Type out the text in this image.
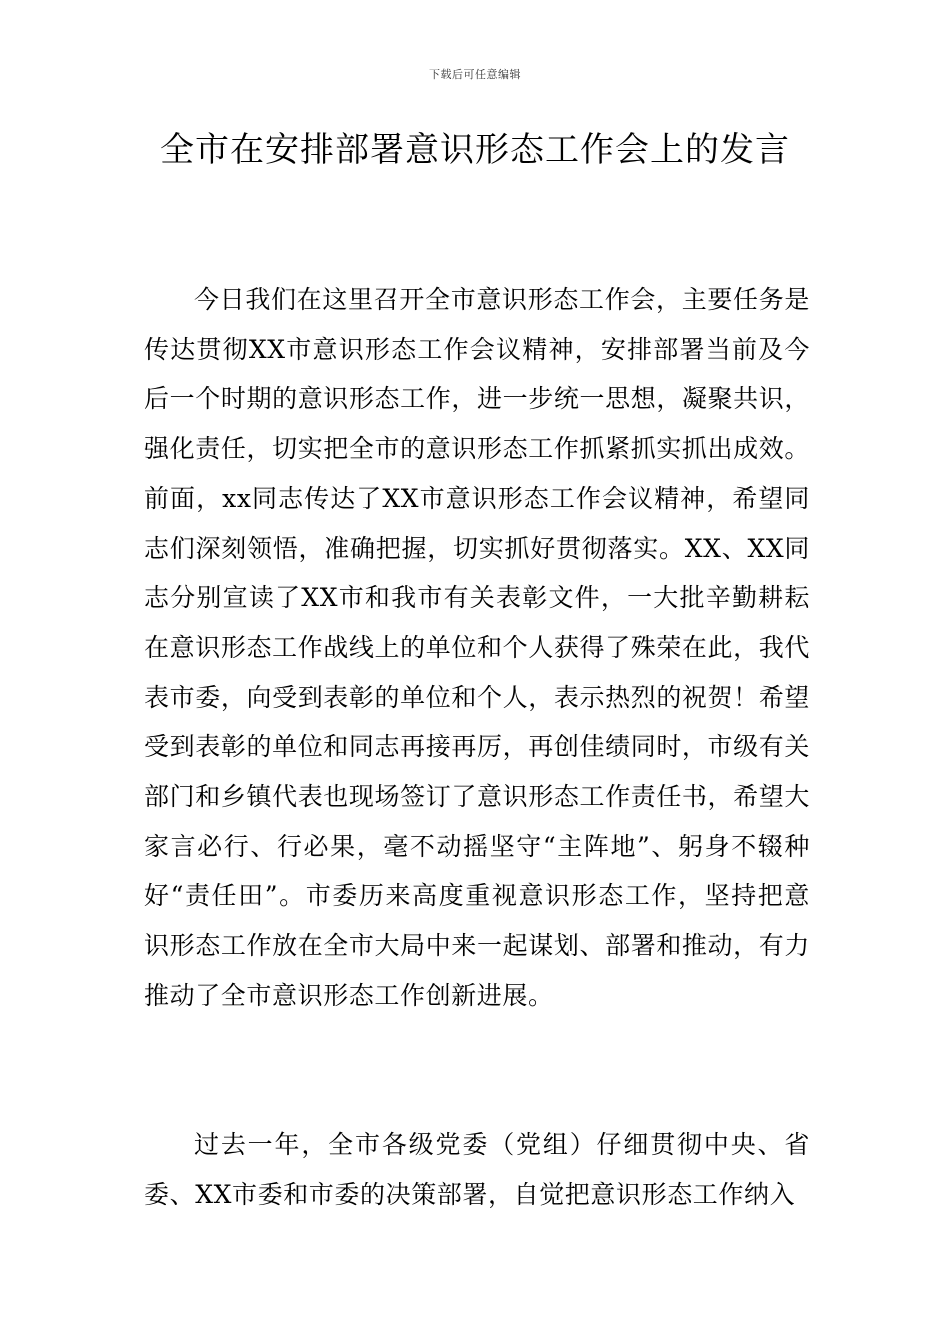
下载后可任意编辑
全市在安排部署意识形态工作会上的发言

今日我们在这里召开全市意识形态工作会，主要任务是传达贯彻XX市意识形态工作会议精神，安排部署当前及今后一个时期的意识形态工作，进一步统一思想，凝聚共识，强化责任，切实把全市的意识形态工作抓紧抓实抓出成效。前面，xx同志传达了XX市意识形态工作会议精神，希望同志们深刻领悟，准确把握，切实抓好贯彻落实。XX、XX同志分别宣读了XX市和我市有关表彰文件，一大批辛勤耕耘在意识形态工作战线上的单位和个人获得了殊荣在此，我代表市委，向受到表彰的单位和个人，表示热烈的祝贺！希望受到表彰的单位和同志再接再厉，再创佳绩同时，市级有关部门和乡镇代表也现场签订了意识形态工作责任书，希望大家言必行、行必果，毫不动摇坚守“主阵地”、躬身不辍种好“责任田”。市委历来高度重视意识形态工作，坚持把意识形态工作放在全市大局中来一起谋划、部署和推动，有力推动了全市意识形态工作创新进展。

过去一年，全市各级党委（党组）仔细贯彻中央、省委、XX市委和市委的决策部署，自觉把意识形态工作纳入
